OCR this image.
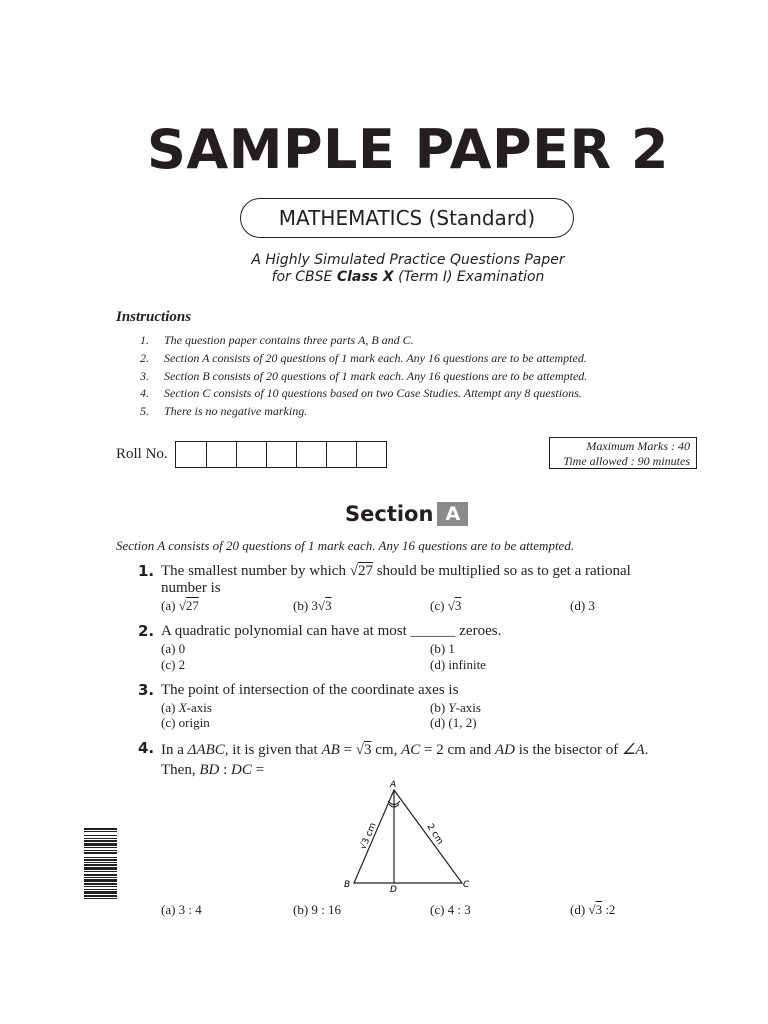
SAMPLE PAPER 2
MATHEMATICS (Standard)
A Highly Simulated Practice Questions Paper
for CBSE Class X (Term I) Examination
Instructions
1. The question paper contains three parts A, B and C.
2. Section A consists of 20 questions of 1 mark each. Any 16 questions are to be attempted.
3. Section B consists of 20 questions of 1 mark each. Any 16 questions are to be attempted.
4. Section C consists of 10 questions based on two Case Studies. Attempt any 8 questions.
5. There is no negative marking.
Roll No.	Maximum Marks : 40
Time allowed : 90 minutes
Section A
Section A consists of 20 questions of 1 mark each. Any 16 questions are to be attempted.
1. The smallest number by which √27 should be multiplied so as to get a rational
number is
(a) √27	(b) 3√3	(c) √3	(d) 3
2. A quadratic polynomial can have at most ______ zeroes.
(a) 0	(b) 1
(c) 2	(d) infinite
3. The point of intersection of the coordinate axes is
(a) X-axis	(b) Y-axis
(c) origin	(d) (1, 2)
4. In a ΔABC, it is given that AB = √3 cm, AC = 2 cm and AD is the bisector of ∠A.
Then, BD : DC =
A
B	C
D
√3 cm	2 cm
(a) 3 : 4	(b) 9 : 16	(c) 4 : 3	(d) √3 :2
